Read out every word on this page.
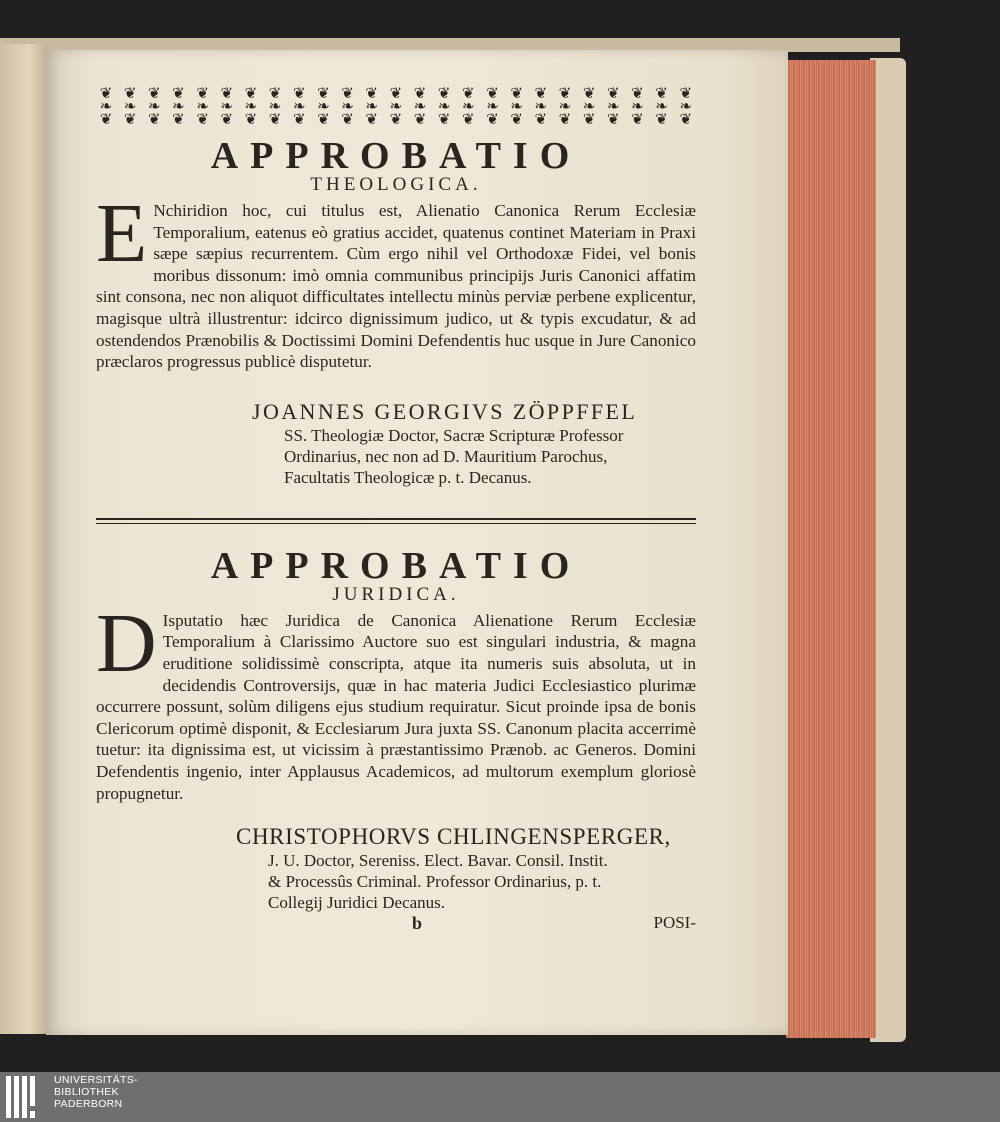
❦
❧
❦
❦
❧
❦
❦
❧
❦
❦
❧
❦
❦
❧
❦
❦
❧
❦
❦
❧
❦
❦
❧
❦
❦
❧
❦
❦
❧
❦
❦
❧
❦
❦
❧
❦
❦
❧
❦
❦
❧
❦
❦
❧
❦
❦
❧
❦
❦
❧
❦
❦
❧
❦
❦
❧
❦
❦
❧
❦
❦
❧
❦
❦
❧
❦
❦
❧
❦
❦
❧
❦
❦
❧
❦
APPROBATIO
THEOLOGICA.
E Nchiridion hoc, cui titulus est, Alienatio Canonica Rerum Ecclesiæ Temporalium, eatenus eò gratius accidet, quatenus continet Materiam in Praxi sæpe sæpius recurrentem. Cùm ergo nihil vel Orthodoxæ Fidei, vel bonis moribus dissonum: imò omnia communibus principijs Juris Canonici affatim sint consona, nec non aliquot difficultates intellectu minùs perviæ perbene explicentur, magisque ultrà illustrentur: idcirco dignissimum judico, ut & typis excudatur, & ad ostendendos Prænobilis & Doctissimi Domini Defendentis huc usque in Jure Canonico præclaros progressus publicè disputetur.
JOANNES GEORGIVS ZÖPPFFEL
SS. Theologiæ Doctor, Sacræ Scripturæ Professor
Ordinarius, nec non ad D. Mauritium Parochus,
Facultatis Theologicæ p. t. Decanus.
APPROBATIO
JURIDICA.
D Isputatio hæc Juridica de Canonica Alienatione Rerum Ecclesiæ Temporalium à Clarissimo Auctore suo est singulari industria, & magna eruditione solidissimè conscripta, atque ita numeris suis absoluta, ut in decidendis Controversijs, quæ in hac materia Judici Ecclesiastico plurimæ occurrere possunt, solùm diligens ejus studium requiratur. Sicut proinde ipsa de bonis Clericorum optimè disponit, & Ecclesiarum Jura juxta SS. Canonum placita accerrimè tuetur: ita dignissima est, ut vicissim à præstantissimo Prænob. ac Generos. Domini Defendentis ingenio, inter Applausus Academicos, ad multorum exemplum gloriosè propugnetur.
CHRISTOPHORVS CHLINGENSPERGER,
J. U. Doctor, Sereniss. Elect. Bavar. Consil. Instit.
& Processûs Criminal. Professor Ordinarius, p. t.
Collegij Juridici Decanus.
b	POSI-
UNIVERSITÄTS-
BIBLIOTHEK
PADERBORN
